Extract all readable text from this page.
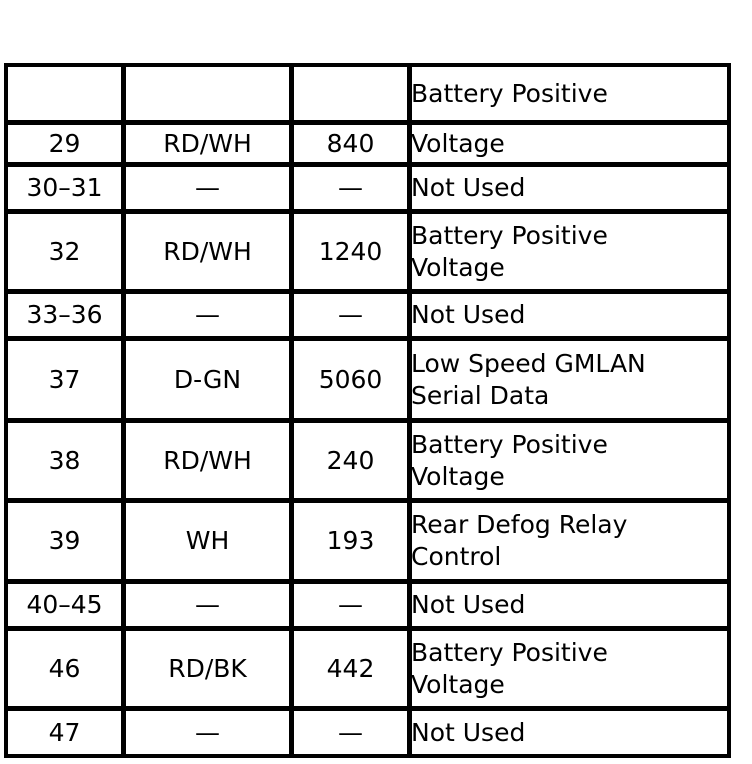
			Battery Positive

29	RD/WH	840	Voltage

30–31	—	—	Not Used

32	RD/WH	1240	Battery Positive
Voltage

33–36	—	—	Not Used

37	D-GN	5060	Low Speed GMLAN
Serial Data

38	RD/WH	240	Battery Positive
Voltage

39	WH	193	Rear Defog Relay
Control

40–45	—	—	Not Used

46	RD/BK	442	Battery Positive
Voltage

47	—	—	Not Used
